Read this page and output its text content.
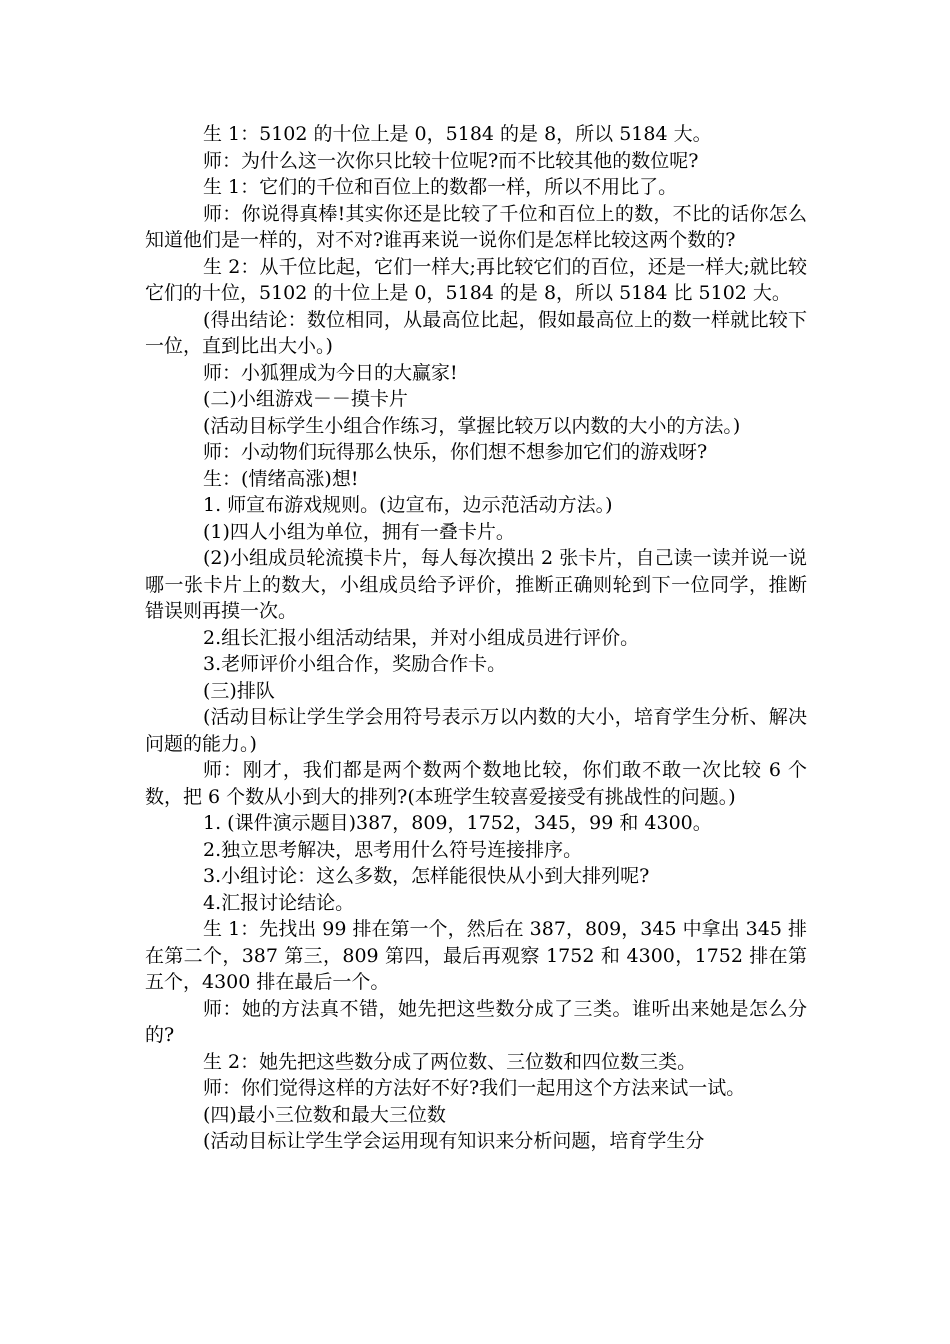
生 1：5102 的十位上是 0，5184 的是 8，所以 5184 大。

师：为什么这一次你只比较十位呢?而不比较其他的数位呢?

生 1：它们的千位和百位上的数都一样，所以不用比了。

师：你说得真棒!其实你还是比较了千位和百位上的数，不比的话你怎么知道他们是一样的，对不对?谁再来说一说你们是怎样比较这两个数的?

生 2：从千位比起，它们一样大;再比较它们的百位，还是一样大;就比较它们的十位，5102 的十位上是 0，5184 的是 8，所以 5184 比 5102 大。

(得出结论：数位相同，从最高位比起，假如最高位上的数一样就比较下一位，直到比出大小。)

师：小狐狸成为今日的大赢家!

(二)小组游戏－－摸卡片

(活动目标学生小组合作练习，掌握比较万以内数的大小的方法。)

师：小动物们玩得那么快乐，你们想不想参加它们的游戏呀?

生：(情绪高涨)想!

1. 师宣布游戏规则。(边宣布，边示范活动方法。)

(1)四人小组为单位，拥有一叠卡片。

(2)小组成员轮流摸卡片，每人每次摸出 2 张卡片，自己读一读并说一说哪一张卡片上的数大，小组成员给予评价，推断正确则轮到下一位同学，推断错误则再摸一次。

2.组长汇报小组活动结果，并对小组成员进行评价。

3.老师评价小组合作，奖励合作卡。

(三)排队

(活动目标让学生学会用符号表示万以内数的大小，培育学生分析、解决问题的能力。)

师：刚才，我们都是两个数两个数地比较，你们敢不敢一次比较 6 个数，把 6 个数从小到大的排列?(本班学生较喜爱接受有挑战性的问题。)

1. (课件演示题目)387，809，1752，345，99 和 4300。

2.独立思考解决，思考用什么符号连接排序。

3.小组讨论：这么多数，怎样能很快从小到大排列呢?

4.汇报讨论结论。

生 1：先找出 99 排在第一个，然后在 387，809，345 中拿出 345 排在第二个，387 第三，809 第四，最后再观察 1752 和 4300，1752 排在第五个，4300 排在最后一个。

师：她的方法真不错，她先把这些数分成了三类。谁听出来她是怎么分的?

生 2：她先把这些数分成了两位数、三位数和四位数三类。

师：你们觉得这样的方法好不好?我们一起用这个方法来试一试。

(四)最小三位数和最大三位数

(活动目标让学生学会运用现有知识来分析问题，培育学生分
